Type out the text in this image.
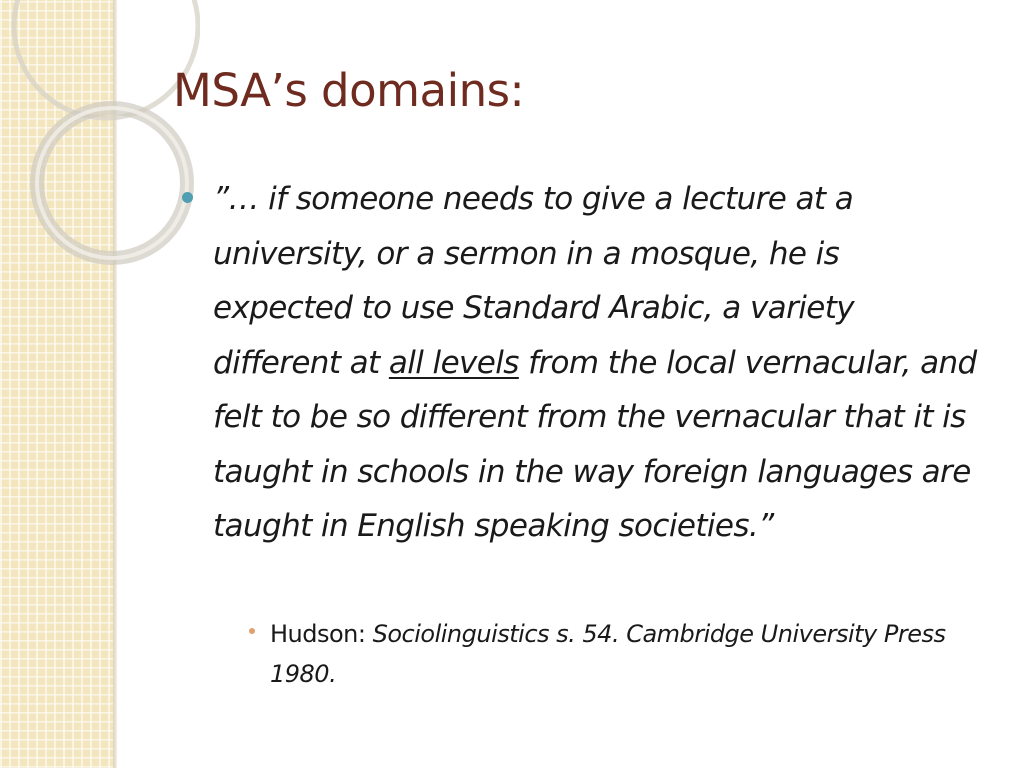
MSA’s domains:

”… if someone needs to give a lecture at a university, or a sermon in a mosque, he is expected to use Standard Arabic, a variety different at all levels from the local vernacular, and felt to be so different from the vernacular that it is taught in schools in the way foreign languages are taught in English speaking societies.”

Hudson: Sociolinguistics s. 54. Cambridge University Press 1980.
